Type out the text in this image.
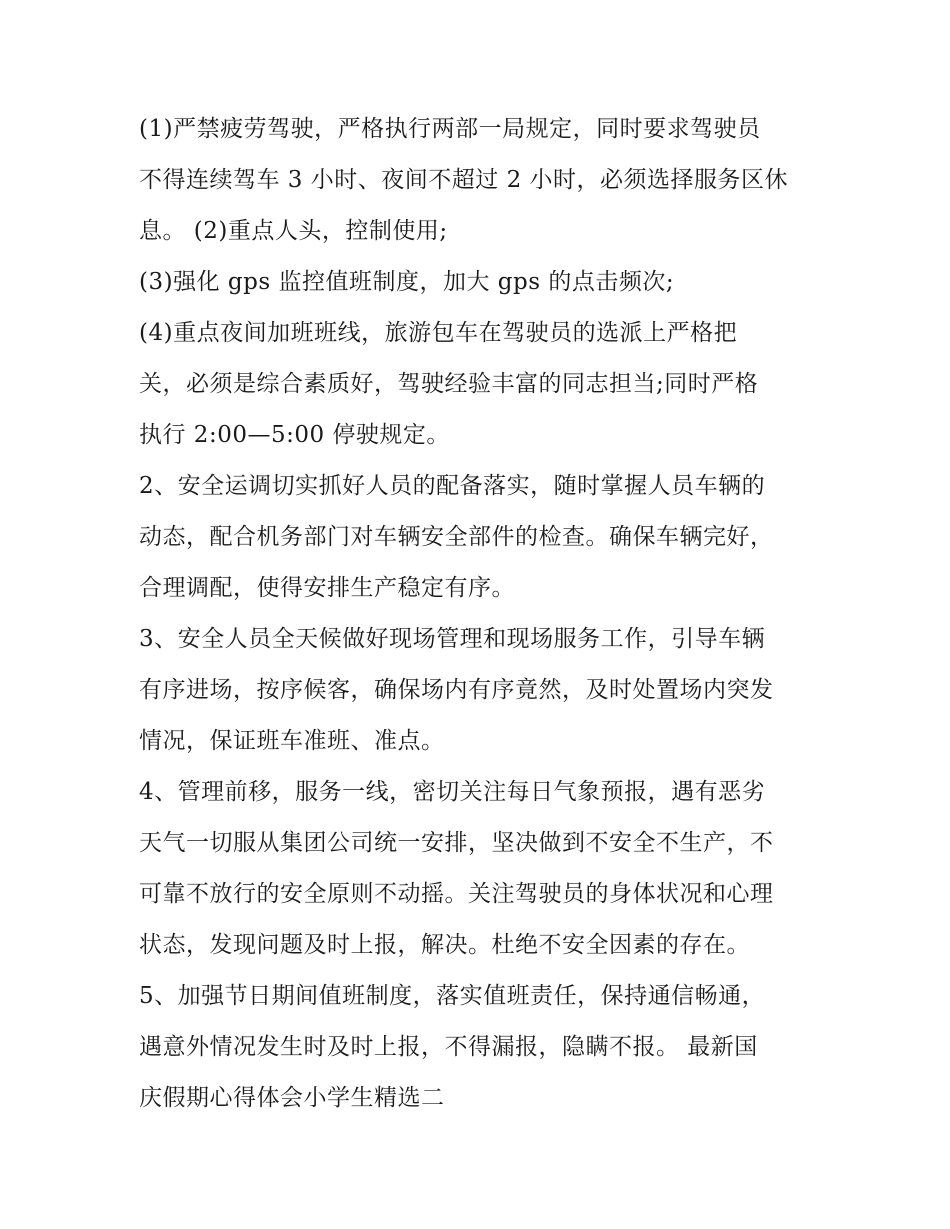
(1)严禁疲劳驾驶，严格执行两部一局规定，同时要求驾驶员
不得连续驾车 3 小时、夜间不超过 2 小时，必须选择服务区休
息。 (2)重点人头，控制使用;
(3)强化 gps 监控值班制度，加大 gps 的点击频次;
(4)重点夜间加班班线，旅游包车在驾驶员的选派上严格把
关，必须是综合素质好，驾驶经验丰富的同志担当;同时严格
执行 2:00—5:00 停驶规定。
2、安全运调切实抓好人员的配备落实，随时掌握人员车辆的
动态，配合机务部门对车辆安全部件的检查。确保车辆完好，
合理调配，使得安排生产稳定有序。
3、安全人员全天候做好现场管理和现场服务工作，引导车辆
有序进场，按序候客，确保场内有序竟然，及时处置场内突发
情况，保证班车准班、准点。
4、管理前移，服务一线，密切关注每日气象预报，遇有恶劣
天气一切服从集团公司统一安排，坚决做到不安全不生产，不
可靠不放行的安全原则不动摇。关注驾驶员的身体状况和心理
状态，发现问题及时上报，解决。杜绝不安全因素的存在。
5、加强节日期间值班制度，落实值班责任，保持通信畅通，
遇意外情况发生时及时上报，不得漏报，隐瞒不报。 最新国
庆假期心得体会小学生精选二
